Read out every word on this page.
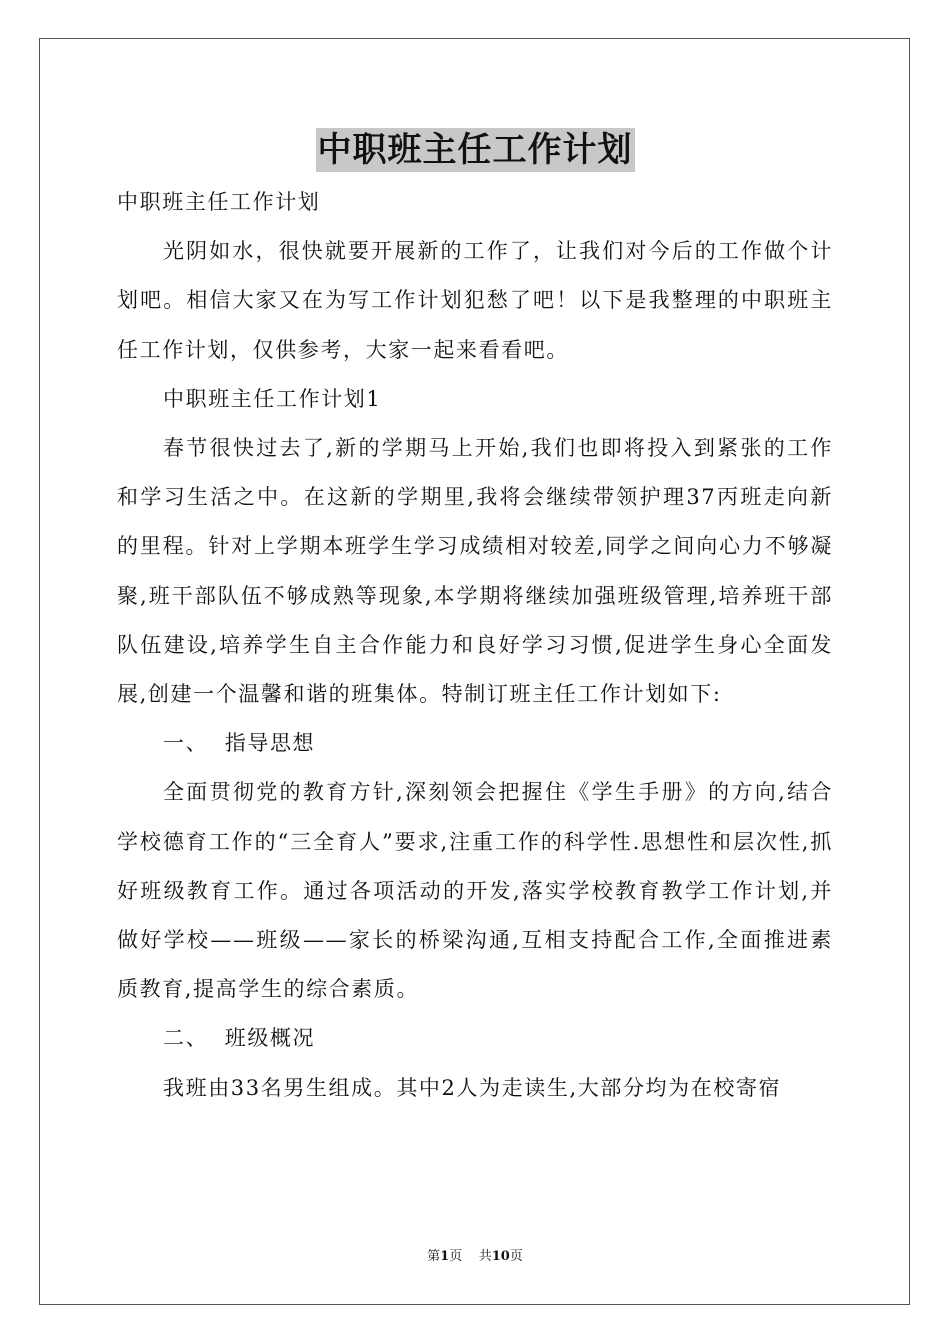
中职班主任工作计划

中职班主任工作计划

光阴如水，很快就要开展新的工作了，让我们对今后的工作做个计划吧。相信大家又在为写工作计划犯愁了吧！以下是我整理的中职班主任工作计划，仅供参考，大家一起来看看吧。

中职班主任工作计划1

春节很快过去了,新的学期马上开始,我们也即将投入到紧张的工作和学习生活之中。在这新的学期里,我将会继续带领护理37丙班走向新的里程。针对上学期本班学生学习成绩相对较差,同学之间向心力不够凝聚,班干部队伍不够成熟等现象,本学期将继续加强班级管理,培养班干部队伍建设,培养学生自主合作能力和良好学习习惯,促进学生身心全面发展,创建一个温馨和谐的班集体。特制订班主任工作计划如下:

一、  指导思想

全面贯彻党的教育方针,深刻领会把握住《学生手册》的方向,结合学校德育工作的“三全育人”要求,注重工作的科学性.思想性和层次性,抓好班级教育工作。通过各项活动的开发,落实学校教育教学工作计划,并做好学校——班级——家长的桥梁沟通,互相支持配合工作,全面推进素质教育,提高学生的综合素质。

二、  班级概况

我班由33名男生组成。其中2人为走读生,大部分均为在校寄宿

第1页    共10页
